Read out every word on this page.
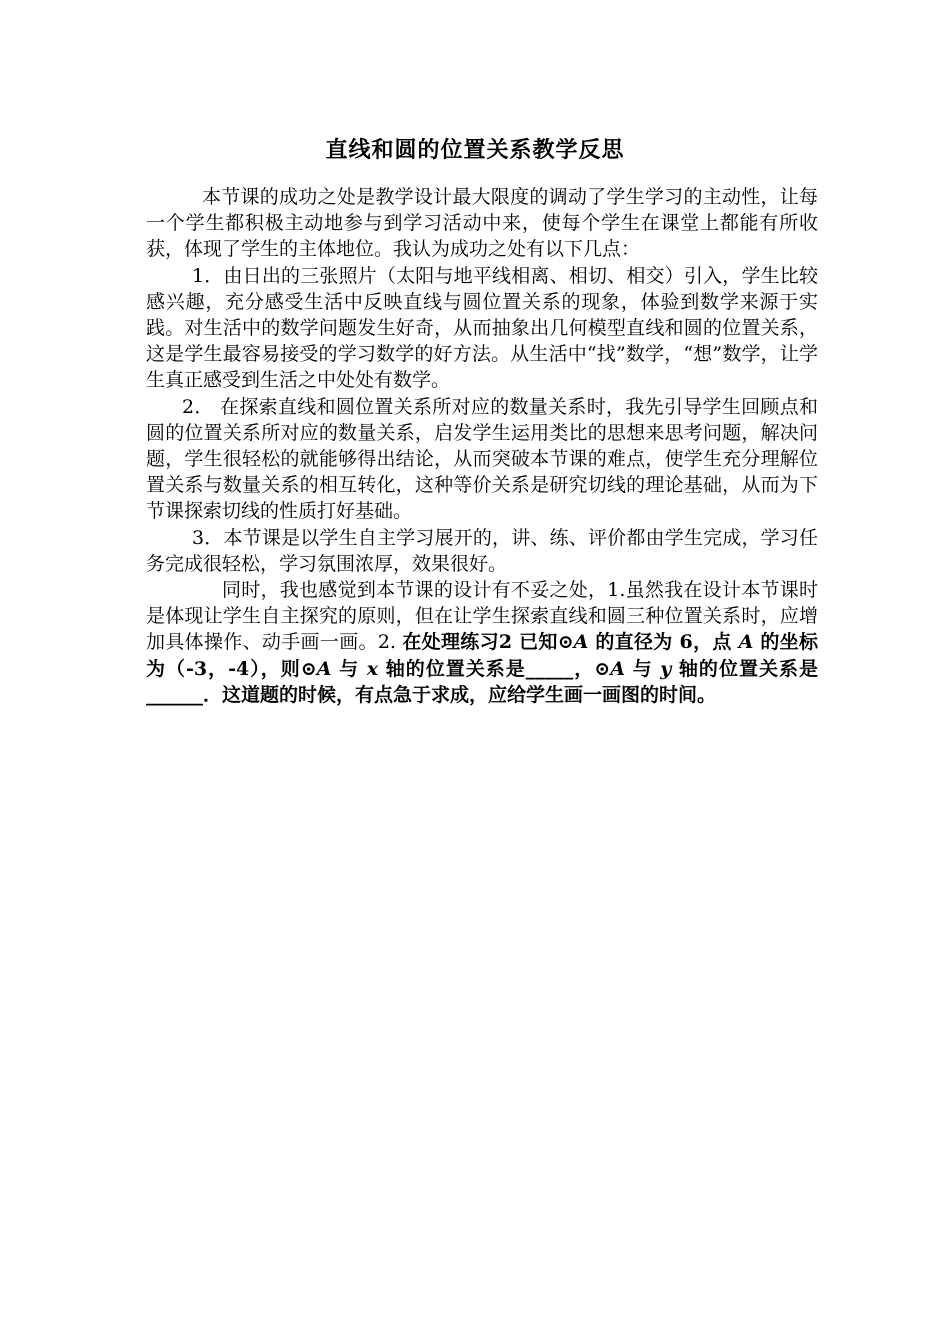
直线和圆的位置关系教学反思

本节课的成功之处是教学设计最大限度的调动了学生学习的主动性，让每一个学生都积极主动地参与到学习活动中来，使每个学生在课堂上都能有所收获，体现了学生的主体地位。我认为成功之处有以下几点：

1．由日出的三张照片（太阳与地平线相离、相切、相交）引入，学生比较感兴趣，充分感受生活中反映直线与圆位置关系的现象，体验到数学来源于实践。对生活中的数学问题发生好奇，从而抽象出几何模型直线和圆的位置关系，这是学生最容易接受的学习数学的好方法。从生活中“找”数学，“想”数学，让学生真正感受到生活之中处处有数学。

2． 在探索直线和圆位置关系所对应的数量关系时，我先引导学生回顾点和圆的位置关系所对应的数量关系，启发学生运用类比的思想来思考问题，解决问题，学生很轻松的就能够得出结论，从而突破本节课的难点，使学生充分理解位置关系与数量关系的相互转化，这种等价关系是研究切线的理论基础，从而为下节课探索切线的性质打好基础。

3．本节课是以学生自主学习展开的，讲、练、评价都由学生完成，学习任务完成很轻松，学习氛围浓厚，效果很好。

同时，我也感觉到本节课的设计有不妥之处，1.虽然我在设计本节课时是体现让学生自主探究的原则，但在让学生探索直线和圆三种位置关系时，应增加具体操作、动手画一画。2. 在处理练习2 已知⊙A 的直径为 6，点 A 的坐标为（-3，-4），则⊙A 与 x 轴的位置关系是_____，⊙A 与 y 轴的位置关系是______．这道题的时候，有点急于求成，应给学生画一画图的时间。
